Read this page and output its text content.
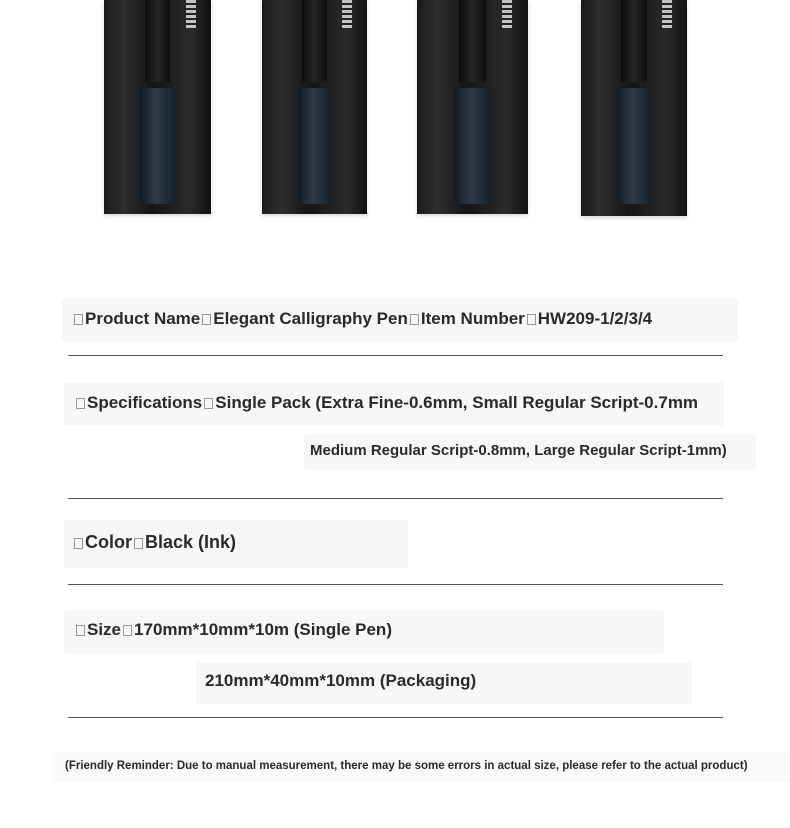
Product Name Elegant Calligraphy Pen Item Number HW209-1/2/3/4
Specifications Single Pack (Extra Fine-0.6mm, Small Regular Script-0.7mm
Medium Regular Script-0.8mm, Large Regular Script-1mm)
Color Black (Ink)
Size 170mm*10mm*10m (Single Pen)
210mm*40mm*10mm (Packaging)
(Friendly Reminder: Due to manual measurement, there may be some errors in actual size, please refer to the actual product)
